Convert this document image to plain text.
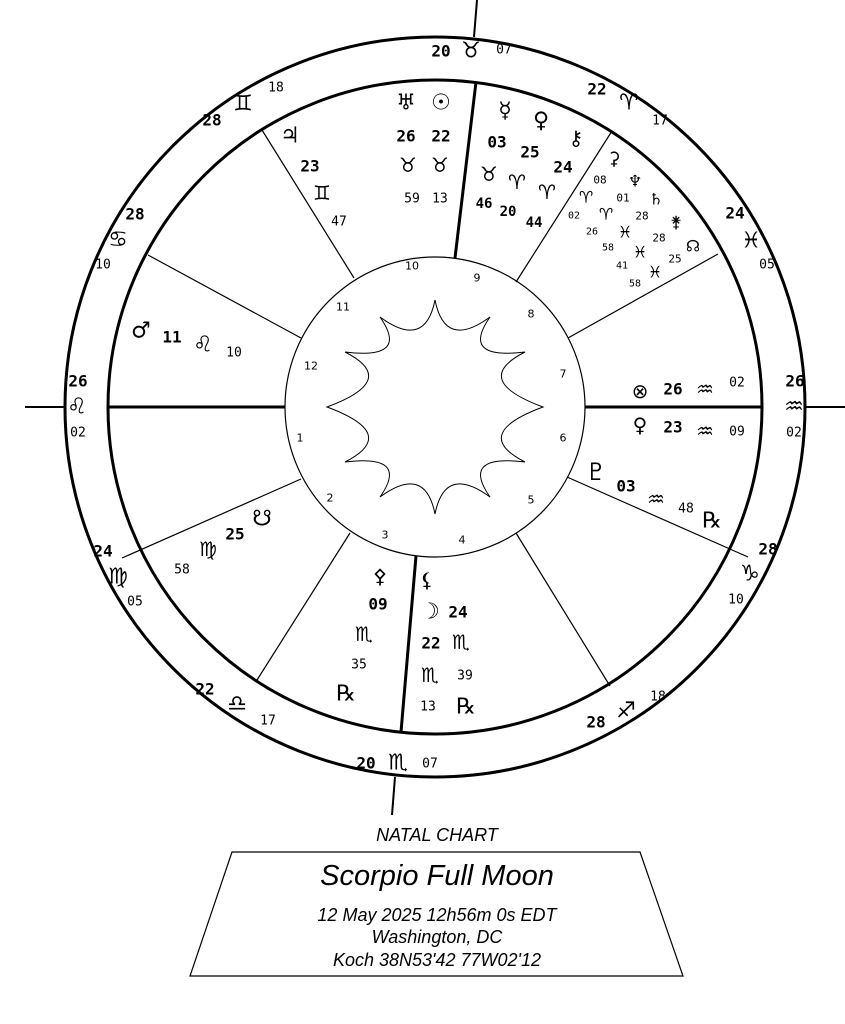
1
2
3	4
5
6
7
8
9
10
11
12
20 ♉ 07
22
♈
17
24
♓
05
26
♒
02
28
♑
10
18
♐
28
20 ♏ 07
22
♎
17
24
♍
05
26
♌
02
28
♋
10
28
♊
18
♅ ☉
26 22
♉ ♉
59 13
♃
23
♊
47
☿ ♀
⚷
03
25
24
♉ ♈ ♈
46 20
44
⚳
♆
♄
⚵
☊
08
01
28
28
25
♈
♈
♓
♓
♓
02
26
58
41
58
⊗ 26 ♒ 02
♀ 23 ♒ 09
♇ 03
♒ 48 ℞
⚸
☽ 24
22 ♏
♏ 39
13 ℞
⚴
09
♏
35
℞
☋
25
♍
58
♂ 11 ♌ 10
NATAL CHART
Scorpio Full Moon
12 May 2025 12h56m 0s EDT
Washington, DC
Koch 38N53'42 77W02'12
